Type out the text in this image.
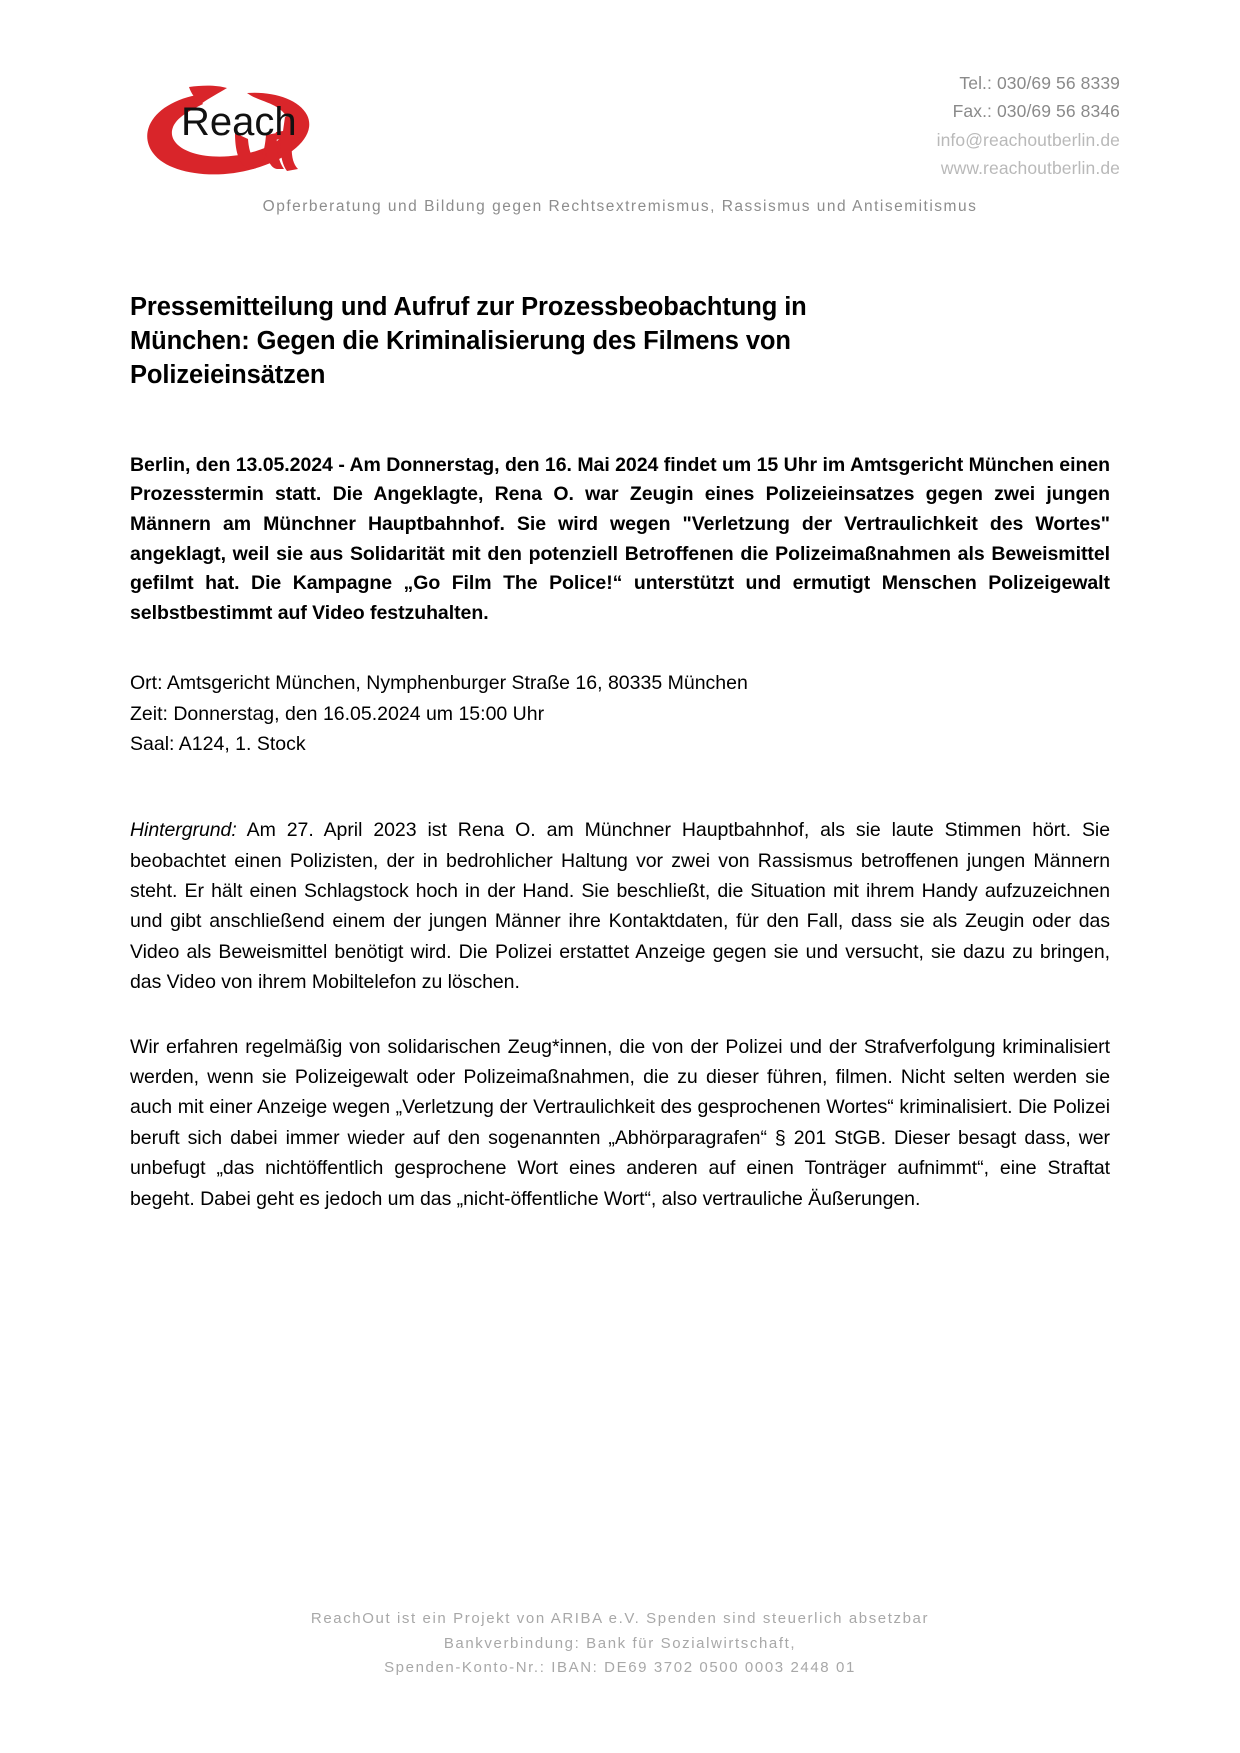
Reach
Tel.: 030/69 56 8339
Fax.: 030/69 56 8346
info@reachoutberlin.de
www.reachoutberlin.de
Opferberatung und Bildung gegen Rechtsextremismus, Rassismus und Antisemitismus
Pressemitteilung und Aufruf zur Prozessbeobachtung in München: Gegen die Kriminalisierung des Filmens von Polizeieinsätzen

Berlin, den 13.05.2024 - Am Donnerstag, den 16. Mai 2024 findet um 15 Uhr im Amtsgericht München einen Prozesstermin statt. Die Angeklagte, Rena O. war Zeugin eines Polizeieinsatzes gegen zwei jungen Männern am Münchner Hauptbahnhof. Sie wird wegen "Verletzung der Vertraulichkeit des Wortes" angeklagt, weil sie aus Solidarität mit den potenziell Betroffenen die Polizeimaßnahmen als Beweismittel gefilmt hat. Die Kampagne „Go Film The Police!“ unterstützt und ermutigt Menschen Polizeigewalt selbstbestimmt auf Video festzuhalten.

Ort: Amtsgericht München, Nymphenburger Straße 16, 80335 München
Zeit: Donnerstag, den 16.05.2024 um 15:00 Uhr
Saal: A124, 1. Stock

Hintergrund: Am 27. April 2023 ist Rena O. am Münchner Hauptbahnhof, als sie laute Stimmen hört. Sie beobachtet einen Polizisten, der in bedrohlicher Haltung vor zwei von Rassismus betroffenen jungen Männern steht. Er hält einen Schlagstock hoch in der Hand. Sie beschließt, die Situation mit ihrem Handy aufzuzeichnen und gibt anschließend einem der jungen Männer ihre Kontaktdaten, für den Fall, dass sie als Zeugin oder das Video als Beweismittel benötigt wird. Die Polizei erstattet Anzeige gegen sie und versucht, sie dazu zu bringen, das Video von ihrem Mobiltelefon zu löschen.

Wir erfahren regelmäßig von solidarischen Zeug*innen, die von der Polizei und der Strafverfolgung kriminalisiert werden, wenn sie Polizeigewalt oder Polizeimaßnahmen, die zu dieser führen, filmen. Nicht selten werden sie auch mit einer Anzeige wegen „Verletzung der Vertraulichkeit des gesprochenen Wortes“ kriminalisiert. Die Polizei beruft sich dabei immer wieder auf den sogenannten „Abhörparagrafen“ § 201 StGB. Dieser besagt dass, wer unbefugt „das nichtöffentlich gesprochene Wort eines anderen auf einen Tonträger aufnimmt“, eine Straftat begeht. Dabei geht es jedoch um das „nicht-öffentliche Wort“, also vertrauliche Äußerungen.

ReachOut ist ein Projekt von ARIBA e.V. Spenden sind steuerlich absetzbar
Bankverbindung: Bank für Sozialwirtschaft,
Spenden-Konto-Nr.: IBAN: DE69 3702 0500 0003 2448 01
